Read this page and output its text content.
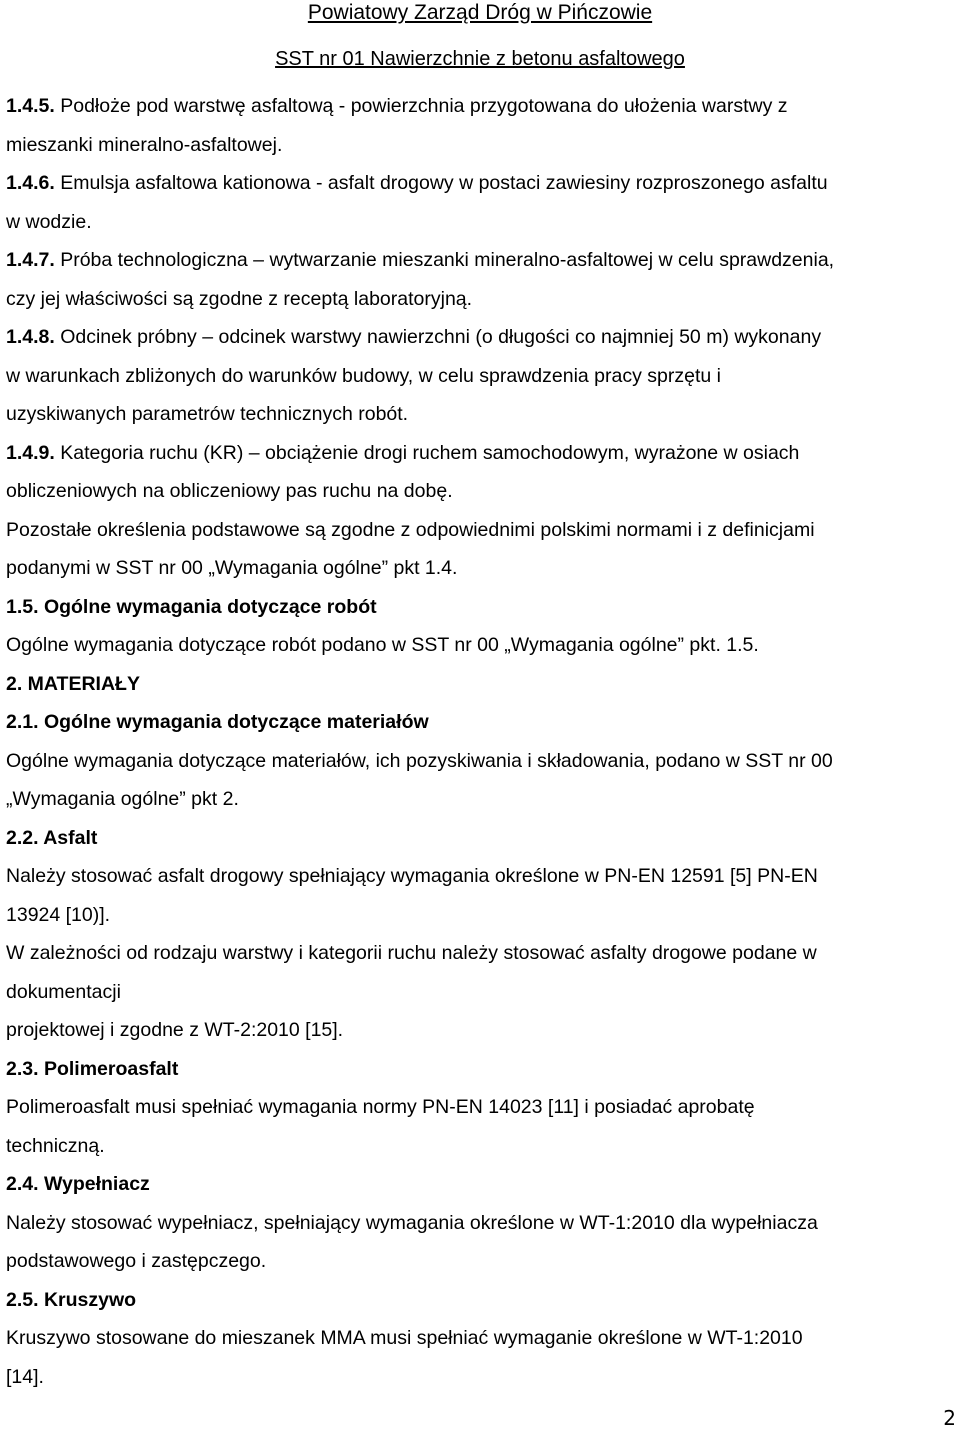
Powiatowy Zarząd Dróg w Pińczowie
SST nr 01 Nawierzchnie z betonu asfaltowego
1.4.5. Podłoże pod warstwę asfaltową - powierzchnia przygotowana do ułożenia warstwy z
mieszanki mineralno-asfaltowej.
1.4.6. Emulsja asfaltowa kationowa - asfalt drogowy w postaci zawiesiny rozproszonego asfaltu
w wodzie.
1.4.7. Próba technologiczna – wytwarzanie mieszanki mineralno-asfaltowej w celu sprawdzenia,
czy jej właściwości są zgodne z receptą laboratoryjną.
1.4.8. Odcinek próbny – odcinek warstwy nawierzchni (o długości co najmniej 50 m) wykonany
w warunkach zbliżonych do warunków budowy, w celu sprawdzenia pracy sprzętu i
uzyskiwanych parametrów technicznych robót.
1.4.9. Kategoria ruchu (KR) – obciążenie drogi ruchem samochodowym, wyrażone w osiach
obliczeniowych na obliczeniowy pas ruchu na dobę.
Pozostałe określenia podstawowe są zgodne z odpowiednimi polskimi normami i z definicjami
podanymi w SST nr 00 „Wymagania ogólne” pkt 1.4.
1.5. Ogólne wymagania dotyczące robót
Ogólne wymagania dotyczące robót podano w SST nr 00 „Wymagania ogólne” pkt. 1.5.
2. MATERIAŁY
2.1. Ogólne wymagania dotyczące materiałów
Ogólne wymagania dotyczące materiałów, ich pozyskiwania i składowania, podano w SST nr 00
„Wymagania ogólne” pkt 2.
2.2. Asfalt
Należy stosować asfalt drogowy spełniający wymagania określone w PN-EN 12591 [5] PN-EN
13924 [10)].
W zależności od rodzaju warstwy i kategorii ruchu należy stosować asfalty drogowe podane w
dokumentacji
projektowej i zgodne z WT-2:2010 [15].
2.3. Polimeroasfalt
Polimeroasfalt musi spełniać wymagania normy PN-EN 14023 [11] i posiadać aprobatę
techniczną.
2.4. Wypełniacz
Należy stosować wypełniacz, spełniający wymagania określone w WT-1:2010 dla wypełniacza
podstawowego i zastępczego.
2.5. Kruszywo
Kruszywo stosowane do mieszanek MMA musi spełniać wymaganie określone w WT-1:2010
[14].
2
